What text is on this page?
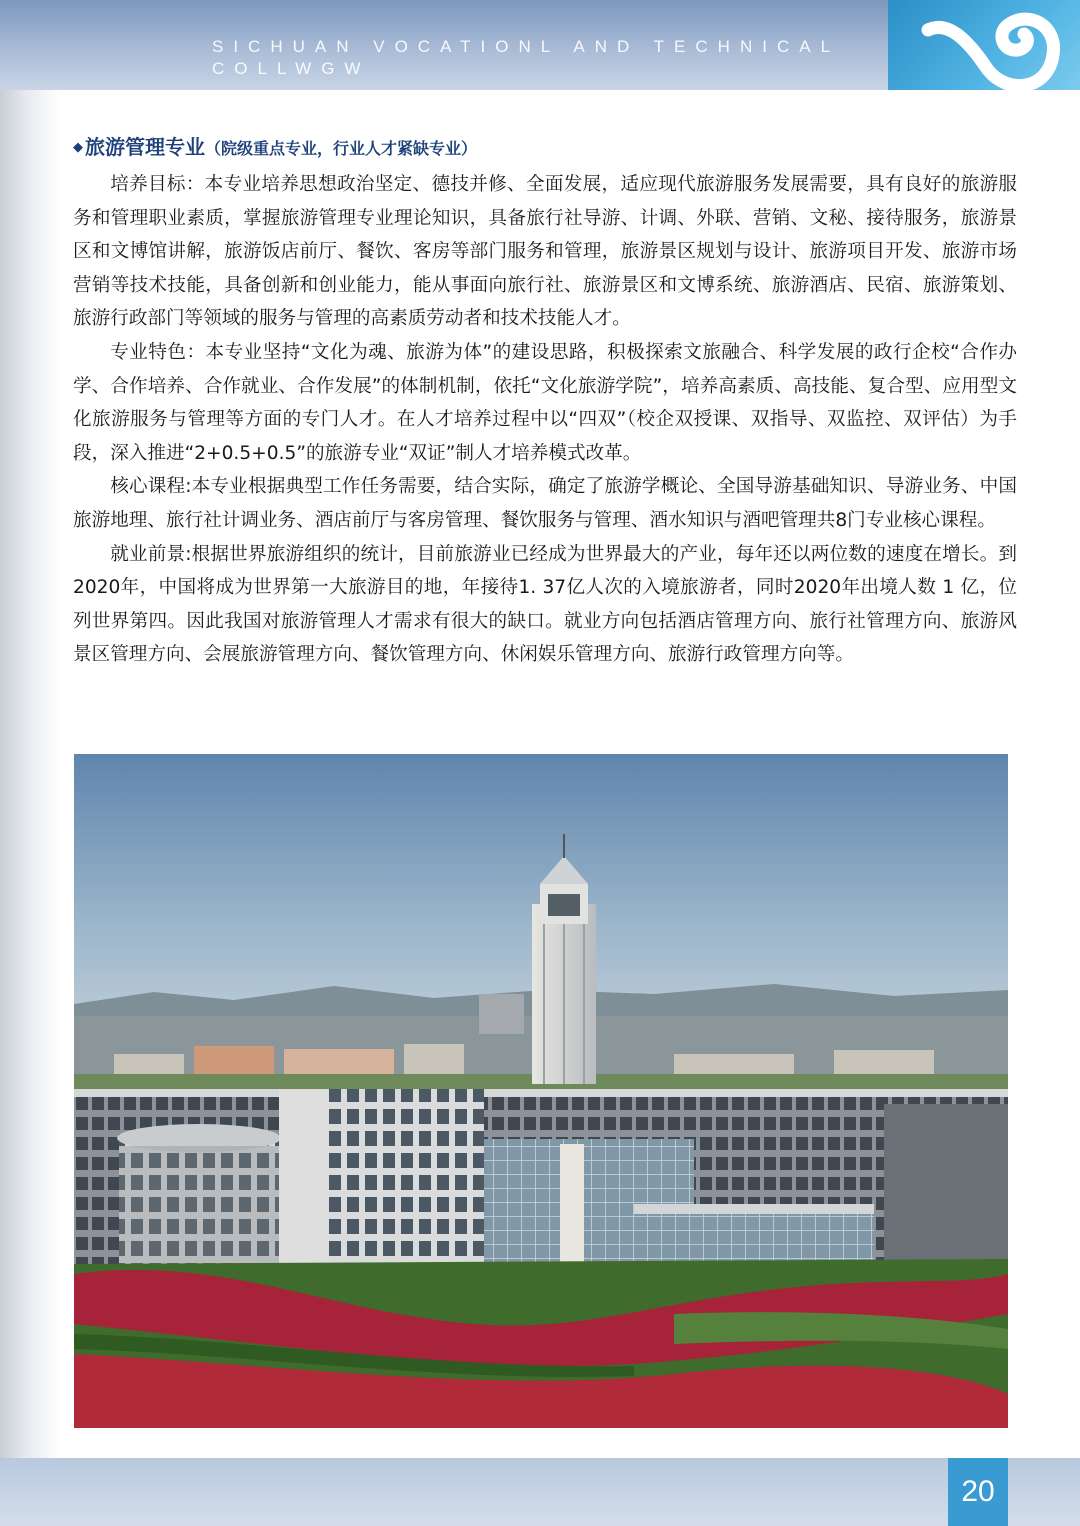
SICHUAN VOCATIONL AND TECHNICAL COLLWGW
◆ 旅游管理专业（院级重点专业，行业人才紧缺专业）

培养目标：本专业培养思想政治坚定、德技并修、全面发展，适应现代旅游服务发展需要，具有良好的旅游服务和管理职业素质，掌握旅游管理专业理论知识，具备旅行社导游、计调、外联、营销、文秘、接待服务，旅游景区和文博馆讲解，旅游饭店前厅、餐饮、客房等部门服务和管理，旅游景区规划与设计、旅游项目开发、旅游市场营销等技术技能，具备创新和创业能力，能从事面向旅行社、旅游景区和文博系统、旅游酒店、民宿、旅游策划、旅游行政部门等领域的服务与管理的高素质劳动者和技术技能人才。

专业特色：本专业坚持“文化为魂、旅游为体”的建设思路，积极探索文旅融合、科学发展的政行企校“合作办学、合作培养、合作就业、合作发展”的体制机制，依托“文化旅游学院”，培养高素质、高技能、复合型、应用型文化旅游服务与管理等方面的专门人才。在人才培养过程中以“四双”（校企双授课、双指导、双监控、双评估）为手段，深入推进“2+0.5+0.5”的旅游专业“双证”制人才培养模式改革。

核心课程:本专业根据典型工作任务需要，结合实际，确定了旅游学概论、全国导游基础知识、导游业务、中国旅游地理、旅行社计调业务、酒店前厅与客房管理、餐饮服务与管理、酒水知识与酒吧管理共8门专业核心课程。

就业前景:根据世界旅游组织的统计，目前旅游业已经成为世界最大的产业，每年还以两位数的速度在增长。到2020年，中国将成为世界第一大旅游目的地，年接待1. 37亿人次的入境旅游者，同时2020年出境人数 1 亿，位列世界第四。因此我国对旅游管理人才需求有很大的缺口。就业方向包括酒店管理方向、旅行社管理方向、旅游风景区管理方向、会展旅游管理方向、餐饮管理方向、休闲娱乐管理方向、旅游行政管理方向等。

20
